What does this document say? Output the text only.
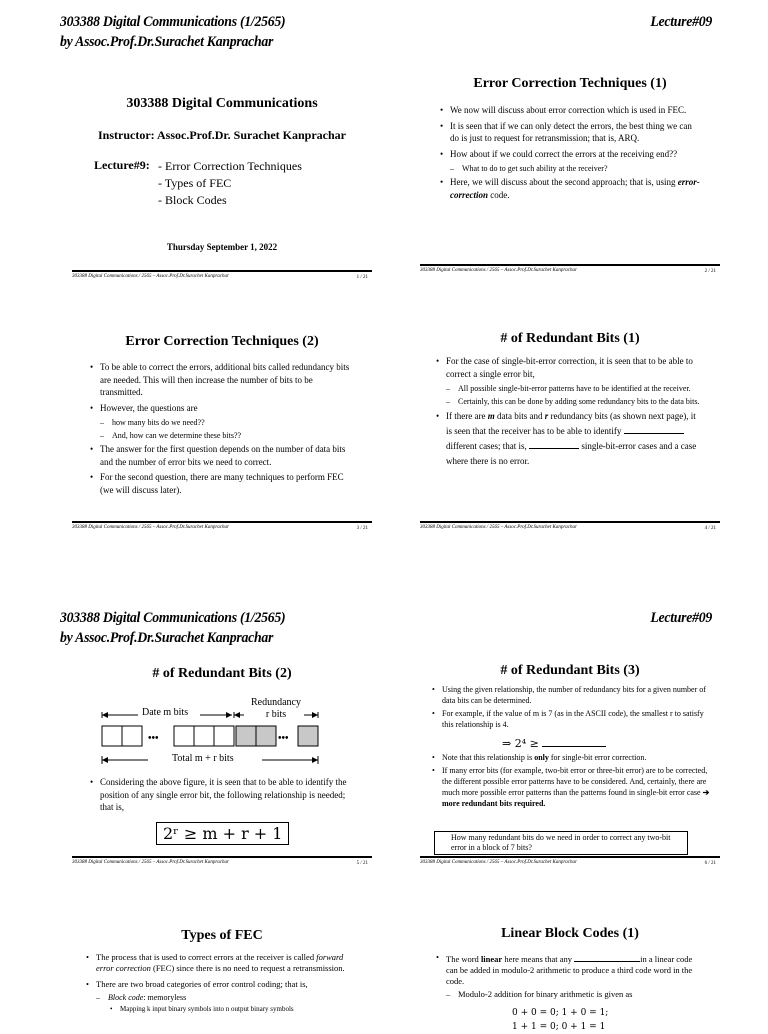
303388 Digital Communications (1/2565)
by Assoc.Prof.Dr.Surachet Kanprachar
Lecture#09
303388 Digital Communications
Instructor: Assoc.Prof.Dr. Surachet Kanprachar
Lecture#9: - Error Correction Techniques
- Types of FEC
- Block Codes
Thursday September 1, 2022
303388 Digital Communications / 2565 – Assoc.Prof.Dr.Surachet Kanprachar	1 / 21
Error Correction Techniques (1)
• We now will discuss about error correction which is used in FEC.
• It is seen that if we can only detect the errors, the best thing we can do is just to request for retransmission; that is, ARQ.
• How about if we could correct the errors at the receiving end??
– What to do to get such ability at the receiver?
• Here, we will discuss about the second approach; that is, using error-correction code.
303388 Digital Communications / 2565 – Assoc.Prof.Dr.Surachet Kanprachar	2 / 21
Error Correction Techniques (2)
• To be able to correct the errors, additional bits called redundancy bits are needed. This will then increase the number of bits to be transmitted.
• However, the questions are
– how many bits do we need??
– And, how can we determine these bits??
• The answer for the first question depends on the number of data bits and the number of error bits we need to correct.
• For the second question, there are many techniques to perform FEC (we will discuss later).
303388 Digital Communications / 2565 – Assoc.Prof.Dr.Surachet Kanprachar	3 / 21
# of Redundant Bits (1)
• For the case of single-bit-error correction, it is seen that to be able to correct a single error bit,
– All possible single-bit-error patterns have to be identified at the receiver.
– Certainly, this can be done by adding some redundancy bits to the data bits.
• If there are m data bits and r redundancy bits (as shown next page), it is seen that the receiver has to be able to identify  different cases; that is,	single-bit-error cases and a case where there is no error.
303388 Digital Communications / 2565 – Assoc.Prof.Dr.Surachet Kanprachar	4 / 21
303388 Digital Communications (1/2565)
by Assoc.Prof.Dr.Surachet Kanprachar
Lecture#09
# of Redundant Bits (2)
Date m bits
Redundancy
r bits
•••	•••
Total m + r bits
• Considering the above figure, it is seen that to be able to identify the position of any single error bit, the following relationship is needed; that is,
2ʳ ≥ m + r + 1
303388 Digital Communications / 2565 – Assoc.Prof.Dr.Surachet Kanprachar	5 / 21
# of Redundant Bits (3)
• Using the given relationship, the number of redundancy bits for a given number of data bits can be determined.
• For example, if the value of m is 7 (as in the ASCII code), the smallest r to satisfy this relationship is 4.
⇒ 2⁴ ≥
• Note that this relationship is only for single-bit error correction.
• If many error bits (for example, two-bit error or three-bit error) are to be corrected, the different possible error patterns have to be considered. And, certainly, there are much more possible error patterns than the patterns found in single-bit error case ➔ more redundant bits required.
How many redundant bits do we need in order to correct any two-bit error in a block of 7 bits?
303388 Digital Communications / 2565 – Assoc.Prof.Dr.Surachet Kanprachar	6 / 21
Types of FEC
• The process that is used to correct errors at the receiver is called forward error correction (FEC) since there is no need to request a retransmission.
• There are two broad categories of error control coding; that is,
– Block code: memoryless
• Mapping k input binary symbols into n output binary symbols
Linear Block Codes (1)
• The word linear here means that any	in a linear code can be added in modulo-2 arithmetic to produce a third code word in the code.
– Modulo-2 addition for binary arithmetic is given as
0 + 0 = 0; 1 + 0 = 1;
1 + 1 = 0; 0 + 1 = 1
